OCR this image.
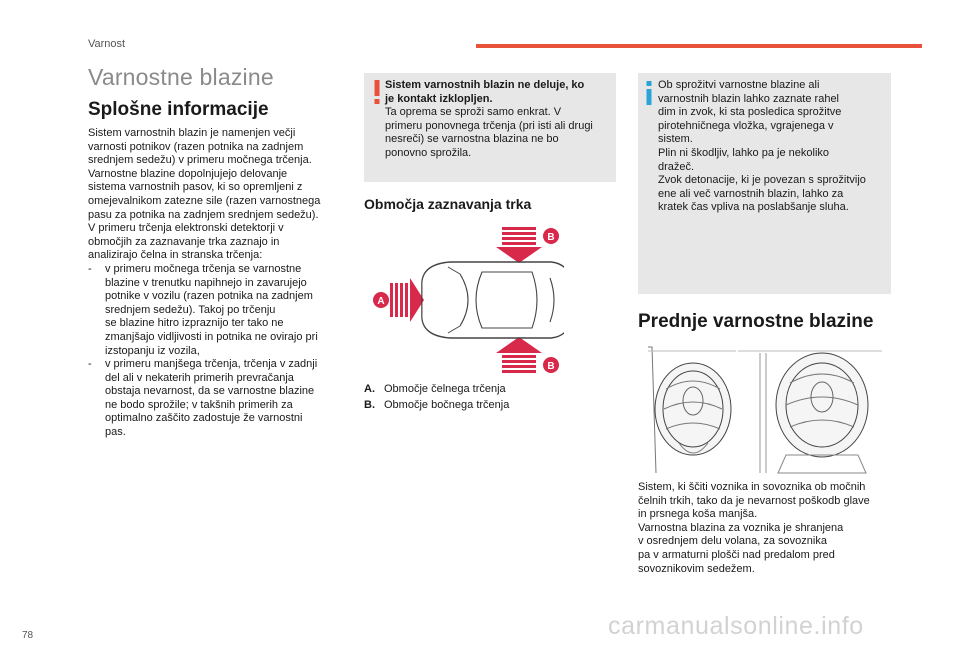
Varnost
Varnostne blazine
Splošne informacije

Sistem varnostnih blazin je namenjen večji

varnosti potnikov (razen potnika na zadnjem

srednjem sedežu) v primeru močnega trčenja.

Varnostne blazine dopolnjujejo delovanje

sistema varnostnih pasov, ki so opremljeni z

omejevalnikom zatezne sile (razen varnostnega

pasu za potnika na zadnjem srednjem sedežu).

V primeru trčenja elektronski detektorji v

območjih za zaznavanje trka zaznajo in

analizirajo čelna in stranska trčenja:

-	v primeru močnega trčenja se varnostne

blazine v trenutku napihnejo in zavarujejo

potnike v vozilu (razen potnika na zadnjem

srednjem sedežu). Takoj po trčenju

se blazine hitro izpraznijo ter tako ne

zmanjšajo vidljivosti in potnika ne ovirajo pri

izstopanju iz vozila,

-	v primeru manjšega trčenja, trčenja v zadnji

del ali v nekaterih primerih prevračanja

obstaja nevarnost, da se varnostne blazine

ne bodo sprožile; v takšnih primerih za

optimalno zaščito zadostuje že varnostni

pas.

Sistem varnostnih blazin ne deluje, ko

je kontakt izklopljen.

Ta oprema se sproži samo enkrat. V

primeru ponovnega trčenja (pri isti ali drugi

nesreči) se varnostna blazina ne bo

ponovno sprožila.

Območja zaznavanja trka
B
B
A
A. Območje čelnega trčenja
B. Območje bočnega trčenja

Ob sprožitvi varnostne blazine ali

varnostnih blazin lahko zaznate rahel

dim in zvok, ki sta posledica sprožitve

pirotehničnega vložka, vgrajenega v

sistem.

Plin ni škodljiv, lahko pa je nekoliko

dražeč.

Zvok detonacije, ki je povezan s sprožitvijo

ene ali več varnostnih blazin, lahko za

kratek čas vpliva na poslabšanje sluha.

Prednje varnostne blazine

Sistem, ki ščiti voznika in sovoznika ob močnih

čelnih trkih, tako da je nevarnost poškodb glave

in prsnega koša manjša.

Varnostna blazina za voznika je shranjena

v osrednjem delu volana, za sovoznika

pa v armaturni plošči nad predalom pred

sovoznikovim sedežem.

carmanualsonline.info
78
